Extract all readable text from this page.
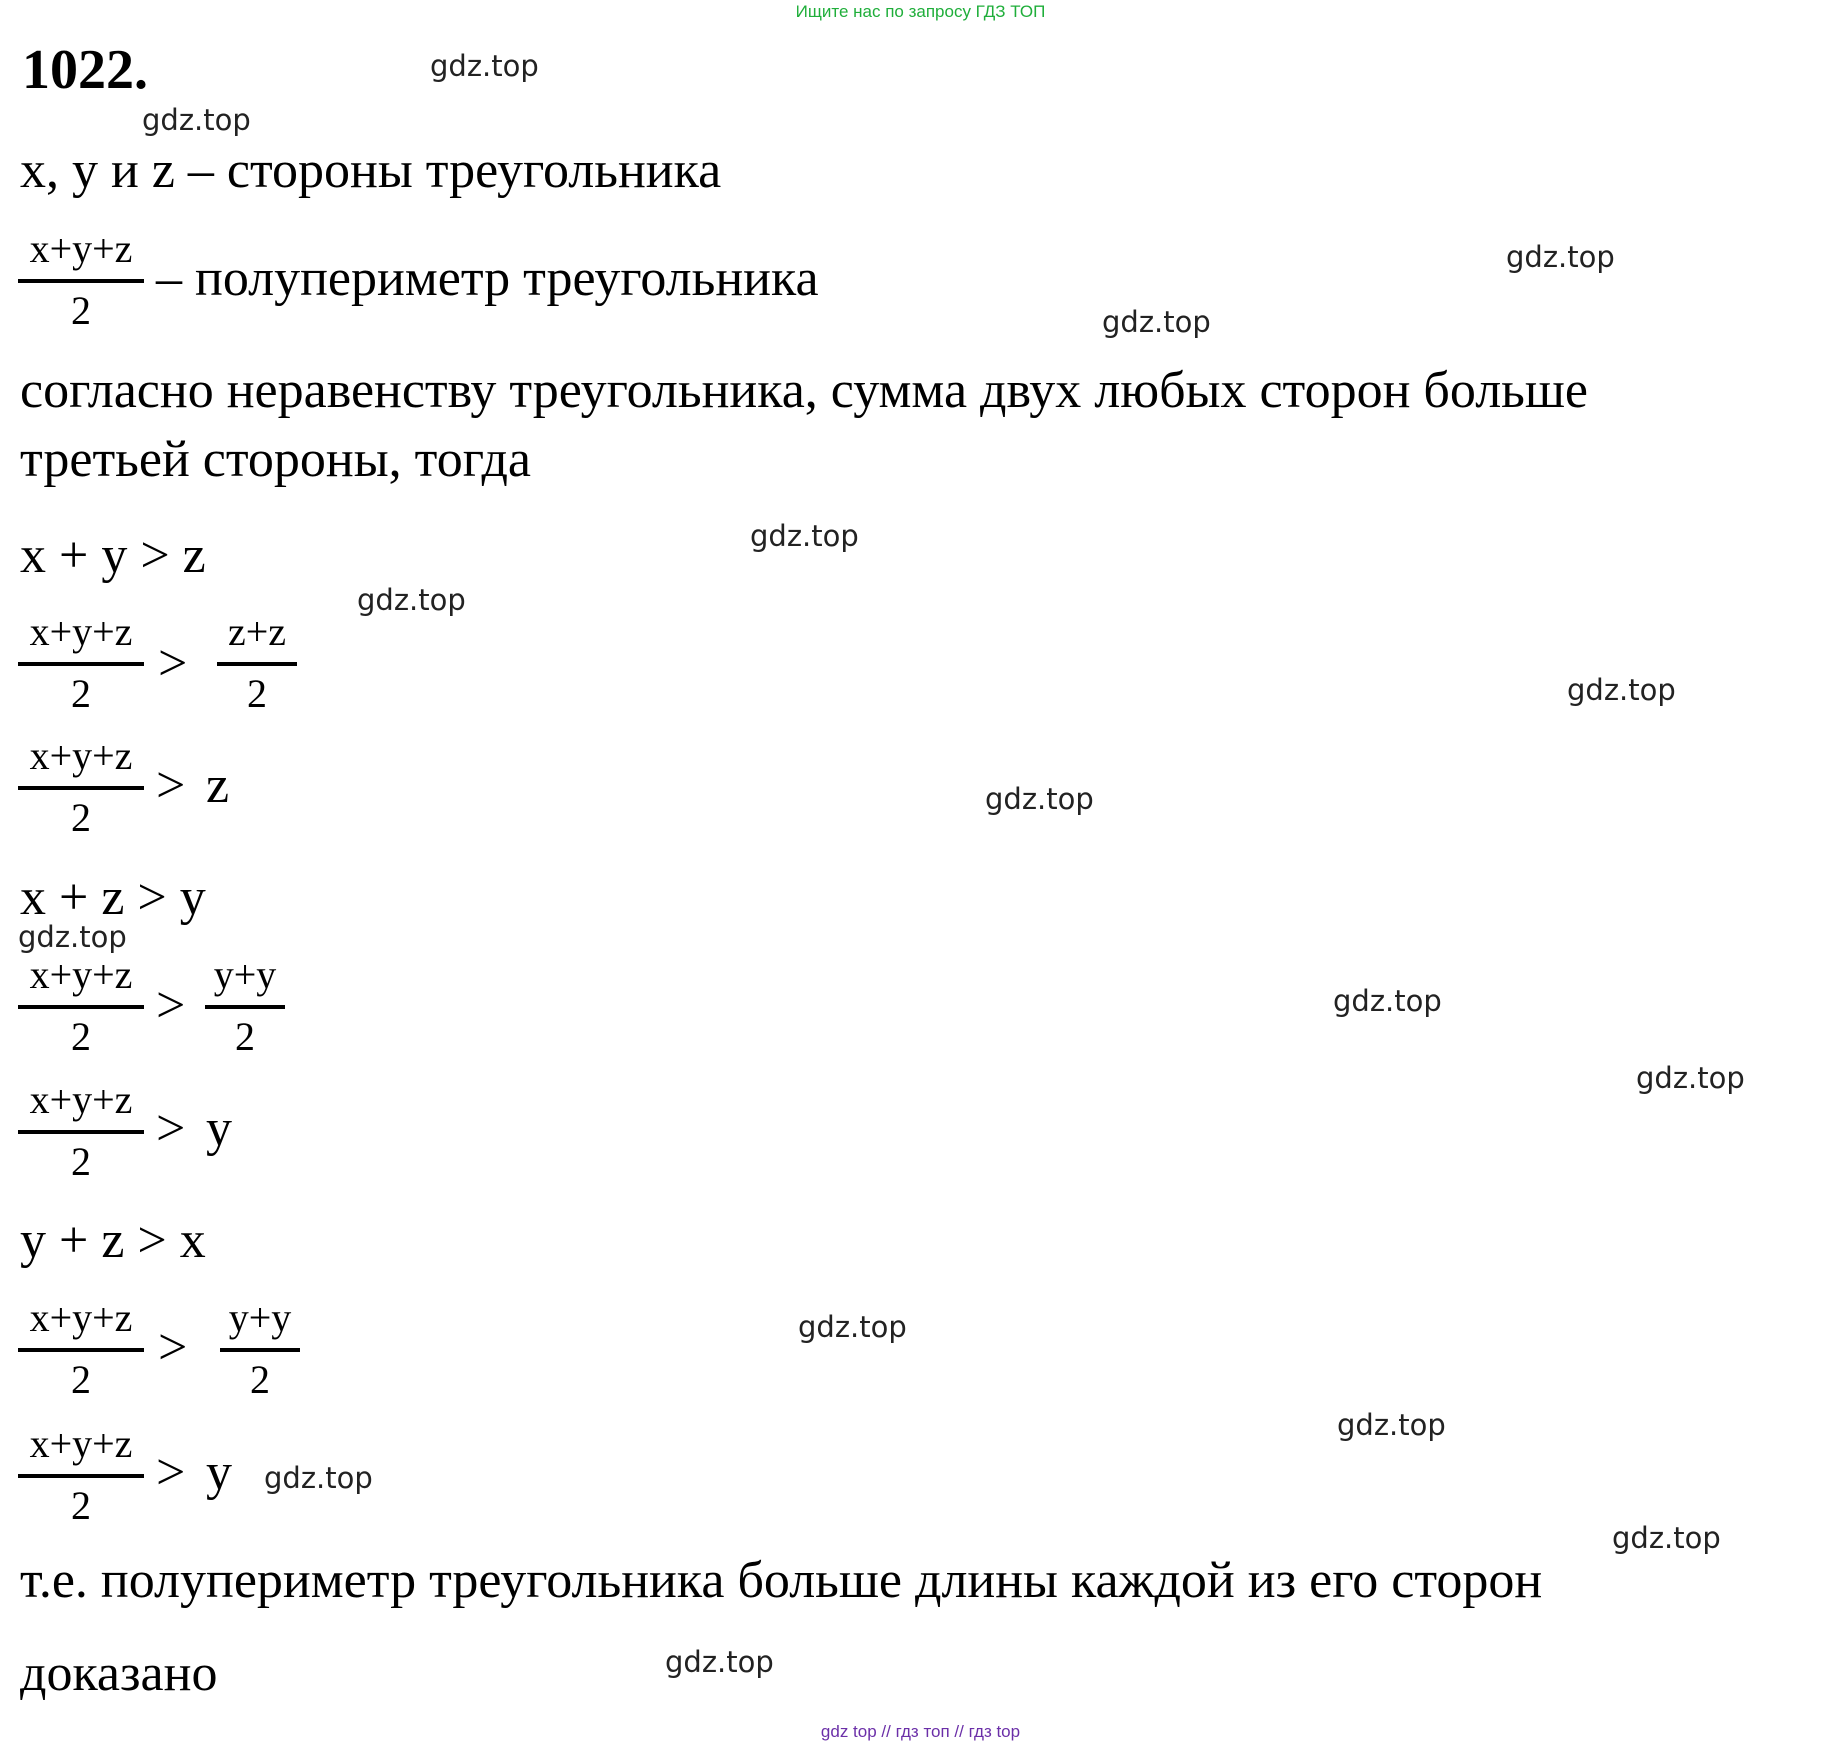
Ищите нас по запросу ГДЗ ТОП
1022.	gdz.top
gdz.top
gdz.top
gdz.top
gdz.top
gdz.top
gdz.top
gdz.top
gdz.top
gdz.top
gdz.top
gdz.top
gdz.top
gdz.top
gdz.top
gdz.top
x, y и z – стороны треугольника
x+y+z
2
– полупериметр треугольника
согласно неравенству треугольника, сумма двух любых сторон больше
третьей стороны, тогда
x + y > z
x+y+z
2
>
z+z
2
x+y+z
2
> z
x + z > y
x+y+z
2
>
y+y
2
x+y+z
2
> y
y + z > x
x+y+z
2
>
y+y
2
x+y+z
2
> y
т.е. полупериметр треугольника больше длины каждой из его сторон
доказано
gdz top // гдз топ // гдз top
